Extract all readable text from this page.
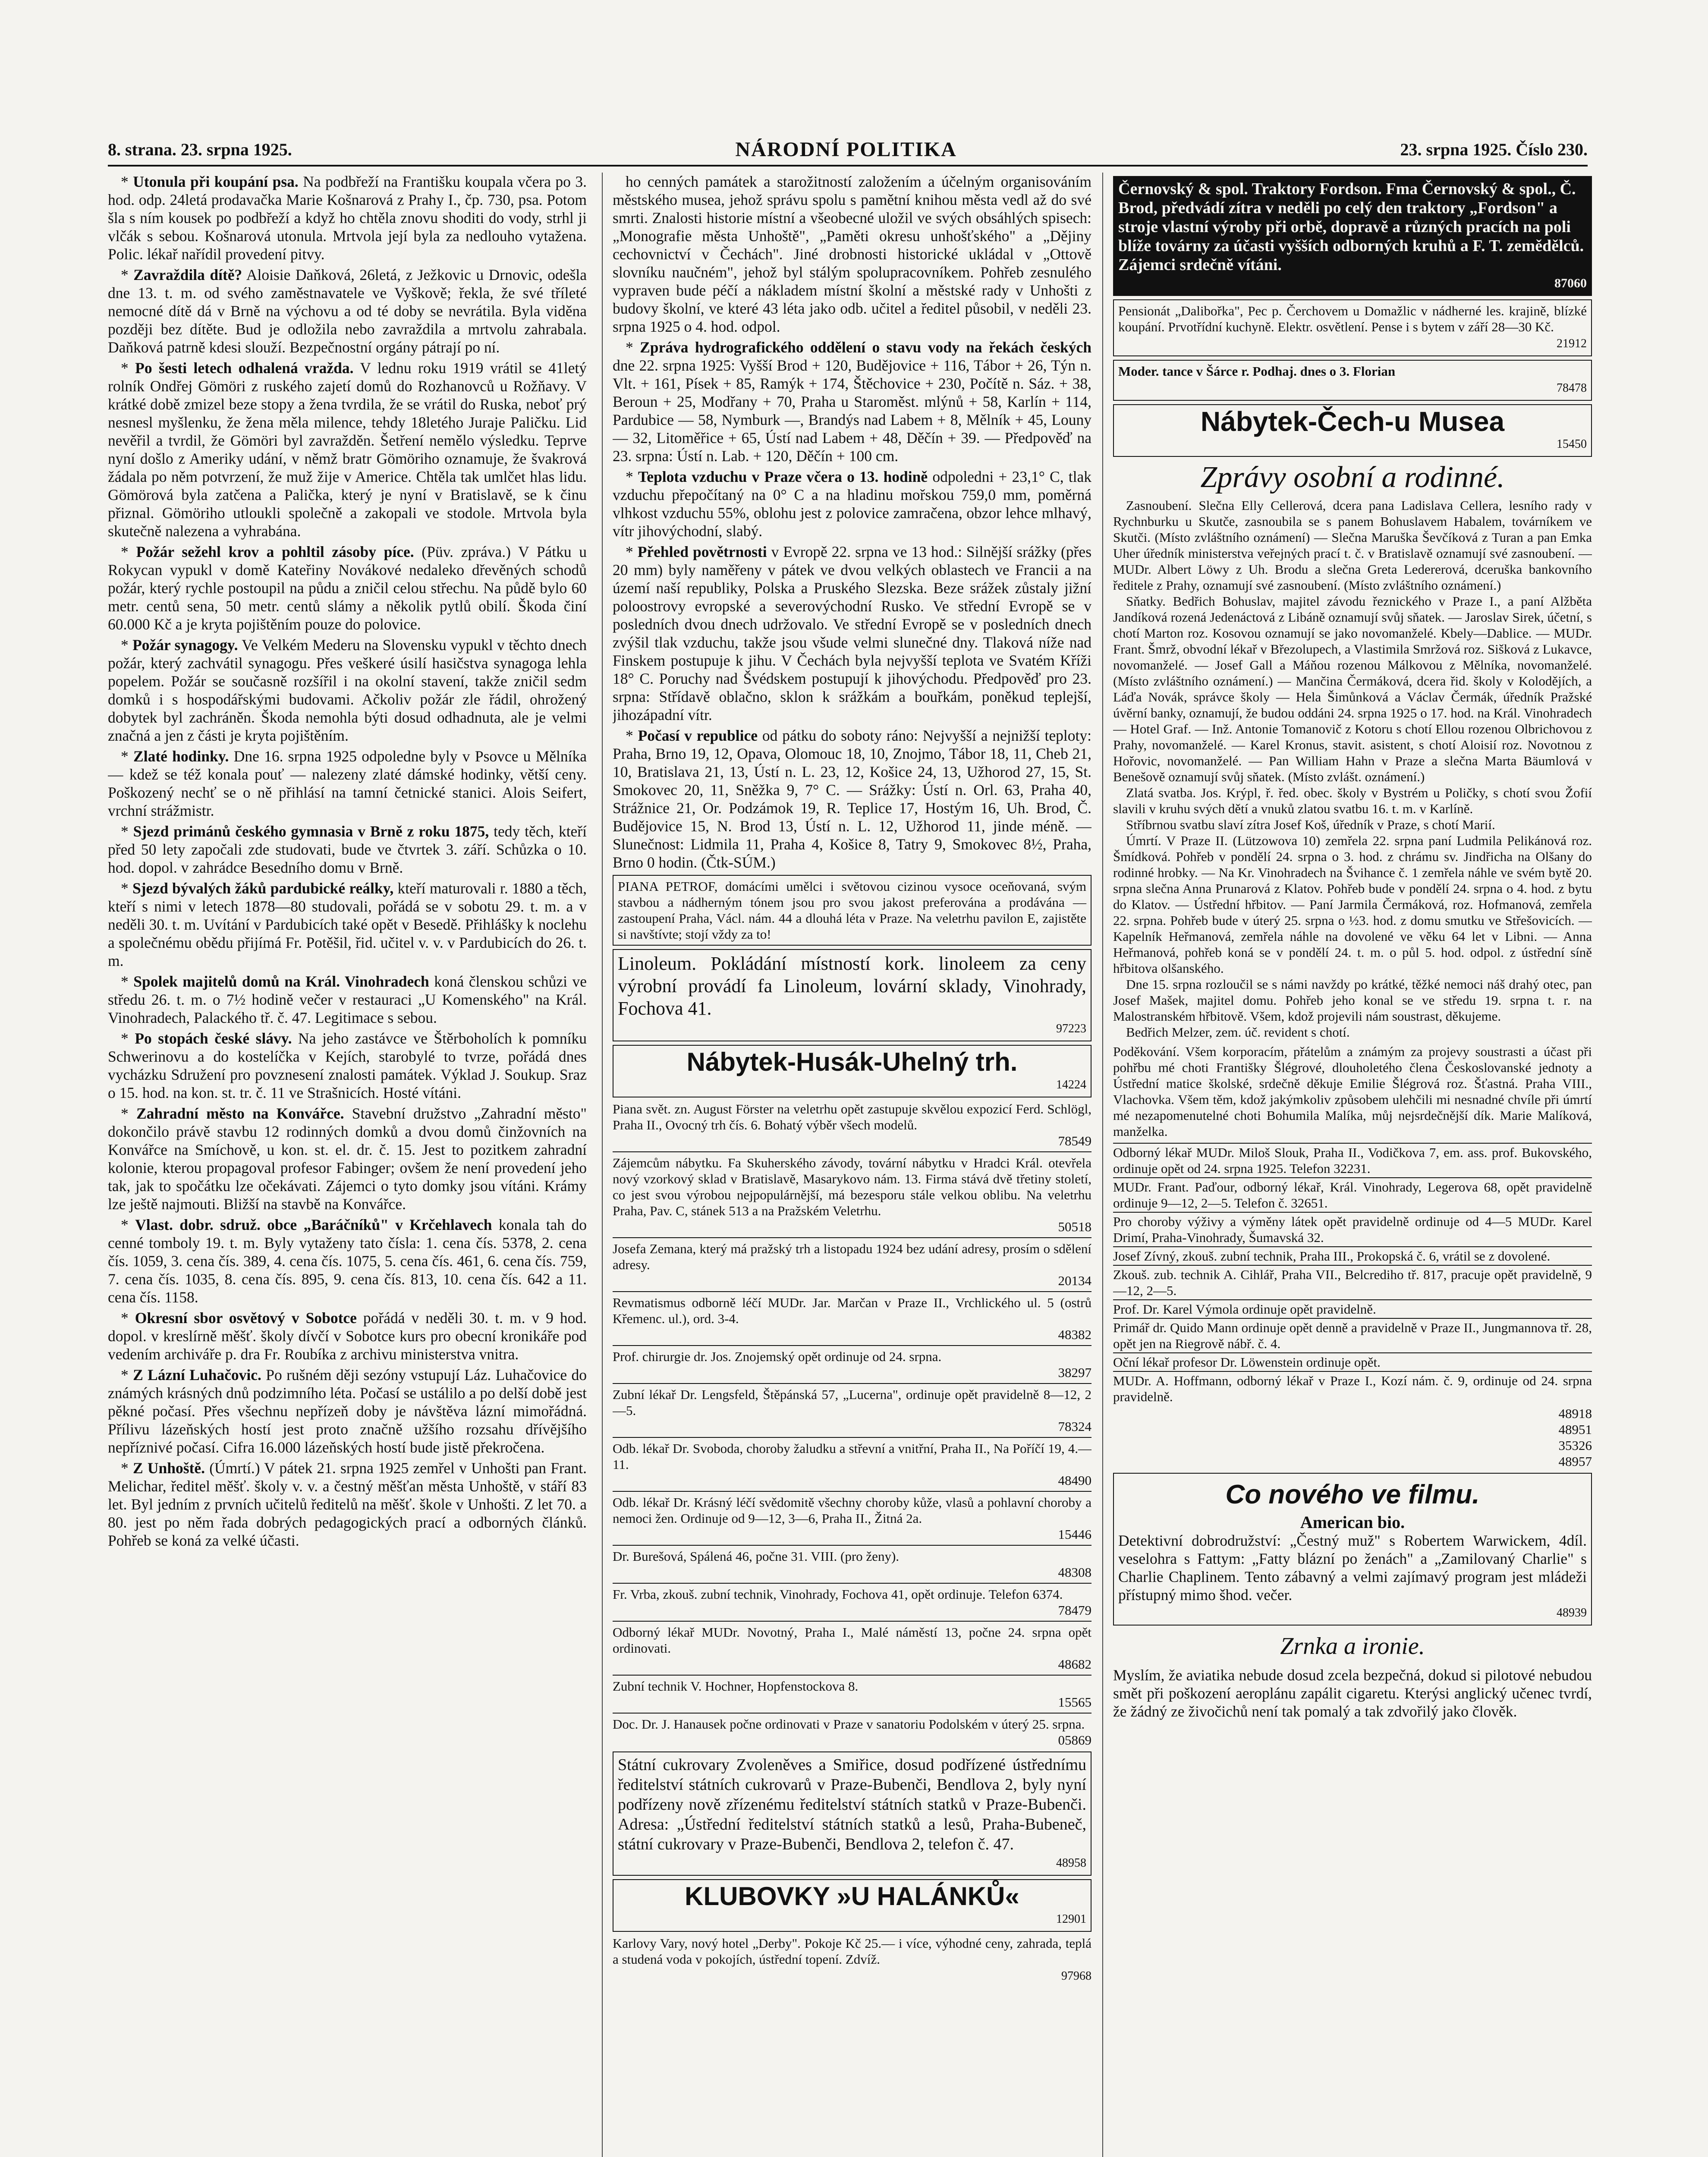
8. strana. 23. srpna 1925.	NÁRODNÍ POLITIKA	23. srpna 1925. Číslo 230.

* Utonula při koupání psa. Na podbřeží na Františku koupala včera po 3. hod. odp. 24letá prodavačka Marie Košnarová z Prahy I., čp. 730, psa. Potom šla s ním kousek po podbřeží a když ho chtěla znovu shoditi do vody, strhl ji vlčák s sebou. Košnarová utonula. Mrtvola její byla za nedlouho vytažena. Polic. lékař nařídil provedení pitvy.

* Zavraždila dítě? Aloisie Daňková, 26letá, z Ježkovic u Drnovic, odešla dne 13. t. m. od svého zaměstnavatele ve Vyškově; řekla, že své tříleté nemocné dítě dá v Brně na výchovu a od té doby se nevrátila. Byla viděna později bez dítěte. Bud je odložila nebo zavraždila a mrtvolu zahrabala. Daňková patrně kdesi slouží. Bezpečnostní orgány pátrají po ní.

* Po šesti letech odhalená vražda. V lednu roku 1919 vrátil se 41letý rolník Ondřej Gömöri z ruského zajetí domů do Rozhanovců u Rožňavy. V krátké době zmizel beze stopy a žena tvrdila, že se vrátil do Ruska, neboť prý nesnesl myšlenku, že žena měla milence, tehdy 18letého Juraje Paličku. Lid nevěřil a tvrdil, že Gömöri byl zavražděn. Šetření nemělo výsledku. Teprve nyní došlo z Ameriky udání, v němž bratr Gömöriho oznamuje, že švakrová žádala po něm potvrzení, že muž žije v Americe. Chtěla tak umlčet hlas lidu. Gömörová byla zatčena a Palička, který je nyní v Bratislavě, se k činu přiznal. Gömöriho utloukli společně a zakopali ve stodole. Mrtvola byla skutečně nalezena a vyhrabána.

* Požár sežehl krov a pohltil zásoby píce. (Püv. zpráva.) V Pátku u Rokycan vypukl v domě Kateřiny Novákové nedaleko dřevěných schodů požár, který rychle postoupil na půdu a zničil celou střechu. Na půdě bylo 60 metr. centů sena, 50 metr. centů slámy a několik pytlů obilí. Škoda činí 60.000 Kč a je kryta pojištěním pouze do polovice.

* Požár synagogy. Ve Velkém Mederu na Slovensku vypukl v těchto dnech požár, který zachvátil synagogu. Přes veškeré úsilí hasičstva synagoga lehla popelem. Požár se současně rozšířil i na okolní stavení, takže zničil sedm domků i s hospodářskými budovami. Ačkoliv požár zle řádil, ohrožený dobytek byl zachráněn. Škoda nemohla býti dosud odhadnuta, ale je velmi značná a jen z části je kryta pojištěním.

* Zlaté hodinky. Dne 16. srpna 1925 odpoledne byly v Psovce u Mělníka — kdež se též konala pouť — nalezeny zlaté dámské hodinky, větší ceny. Poškozený nechť se o ně přihlásí na tamní četnické stanici. Alois Seifert, vrchní strážmistr.

* Sjezd primánů českého gymnasia v Brně z roku 1875, tedy těch, kteří před 50 lety započali zde studovati, bude ve čtvrtek 3. září. Schůzka o 10. hod. dopol. v zahrádce Besedního domu v Brně.

* Sjezd bývalých žáků pardubické reálky, kteří maturovali r. 1880 a těch, kteří s nimi v letech 1878—80 studovali, pořádá se v sobotu 29. t. m. a v neděli 30. t. m. Uvítání v Pardubicích také opět v Besedě. Přihlášky k noclehu a společnému obědu přijímá Fr. Potěšil, řid. učitel v. v. v Pardubicích do 26. t. m.

* Spolek majitelů domů na Král. Vinohradech koná členskou schůzi ve středu 26. t. m. o 7½ hodině večer v restauraci „U Komenského" na Král. Vinohradech, Palackého tř. č. 47. Legitimace s sebou.

* Po stopách české slávy. Na jeho zastávce ve Štěrboholích k pomníku Schwerinovu a do kostelíčka v Kejích, starobylé to tvrze, pořádá dnes vycházku Sdružení pro povznesení znalosti památek. Výklad J. Soukup. Sraz o 15. hod. na kon. st. tr. č. 11 ve Strašnicích. Hosté vítáni.

* Zahradní město na Konvářce. Stavební družstvo „Zahradní město" dokončilo právě stavbu 12 rodinných domků a dvou domů činžovních na Konvářce na Smíchově, u kon. st. el. dr. č. 15. Jest to pozitkem zahradní kolonie, kterou propagoval profesor Fabinger; ovšem že není provedení jeho tak, jak to spočátku lze očekávati. Zájemci o tyto domky jsou vítáni. Krámy lze ještě najmouti. Bližší na stavbě na Konvářce.

* Vlast. dobr. sdruž. obce „Baráčníků" v Krčehlavech konala tah do cenné tomboly 19. t. m. Byly vytaženy tato čísla: 1. cena čís. 5378, 2. cena čís. 1059, 3. cena čís. 389, 4. cena čís. 1075, 5. cena čís. 461, 6. cena čís. 759, 7. cena čís. 1035, 8. cena čís. 895, 9. cena čís. 813, 10. cena čís. 642 a 11. cena čís. 1158.

* Okresní sbor osvětový v Sobotce pořádá v neděli 30. t. m. v 9 hod. dopol. v kreslírně měšť. školy dívčí v Sobotce kurs pro obecní kronikáře pod vedením archiváře p. dra Fr. Roubíka z archivu ministerstva vnitra.

* Z Lázní Luhačovic. Po rušném ději sezóny vstupují Láz. Luhačovice do známých krásných dnů podzimního léta. Počasí se ustálilo a po delší době jest pěkné počasí. Přes všechnu nepřízeň doby je návštěva lázní mimořádná. Přílivu lázeňských hostí jest proto značně užšího rozsahu dřívějšího nepříznivé počasí. Cifra 16.000 lázeňských hostí bude jistě překročena.

* Z Unhoště. (Úmrtí.) V pátek 21. srpna 1925 zemřel v Unhošti pan Frant. Melichar, ředitel měšť. školy v. v. a čestný měšťan města Unhoště, v stáří 83 let. Byl jedním z prvních učitelů ředitelů na měšť. škole v Unhošti. Z let 70. a 80. jest po něm řada dobrých pedagogických prací a odborných článků. Pohřeb se koná za velké účasti.

ho cenných památek a starožitností založením a účelným organisováním městského musea, jehož správu spolu s pamětní knihou města vedl až do své smrti. Znalosti historie místní a všeobecné uložil ve svých obsáhlých spisech: „Monografie města Unhoště", „Paměti okresu unhošťského" a „Dějiny cechovnictví v Čechách". Jiné drobnosti historické ukládal v „Ottově slovníku naučném", jehož byl stálým spolupracovníkem. Pohřeb zesnulého vypraven bude péčí a nákladem místní školní a městské rady v Unhošti z budovy školní, ve které 43 léta jako odb. učitel a ředitel působil, v neděli 23. srpna 1925 o 4. hod. odpol.

* Zpráva hydrografického oddělení o stavu vody na řekách českých dne 22. srpna 1925: Vyšší Brod + 120, Budějovice + 116, Tábor + 26, Týn n. Vlt. + 161, Písek + 85, Ramýk + 174, Štěchovice + 230, Počítě n. Sáz. + 38, Beroun + 25, Modřany + 70, Praha u Staroměst. mlýnů + 58, Karlín + 114, Pardubice — 58, Nymburk —, Brandýs nad Labem + 8, Mělník + 45, Louny — 32, Litoměřice + 65, Ústí nad Labem + 48, Děčín + 39. — Předpověď na 23. srpna: Ústí n. Lab. + 120, Děčín + 100 cm.

* Teplota vzduchu v Praze včera o 13. hodině odpoledni + 23,1° C, tlak vzduchu přepočítaný na 0° C a na hladinu mořskou 759,0 mm, poměrná vlhkost vzduchu 55%, oblohu jest z polovice zamračena, obzor lehce mlhavý, vítr jihovýchodní, slabý.

* Přehled povětrnosti v Evropě 22. srpna ve 13 hod.: Silnější srážky (přes 20 mm) byly naměřeny v pátek ve dvou velkých oblastech ve Francii a na území naší republiky, Polska a Pruského Slezska. Beze srážek zůstaly jižní poloostrovy evropské a severovýchodní Rusko. Ve střední Evropě se v posledních dvou dnech udržovalo. Ve střední Evropě se v posledních dnech zvýšil tlak vzduchu, takže jsou všude velmi slunečné dny. Tlaková níže nad Finskem postupuje k jihu. V Čechách byla nejvyšší teplota ve Svatém Kříži 18° C. Poruchy nad Švédskem postupují k jihovýchodu. Předpověď pro 23. srpna: Střídavě oblačno, sklon k srážkám a bouřkám, poněkud teplejší, jihozápadní vítr.

* Počasí v republice od pátku do soboty ráno: Nejvyšší a nejnižší teploty: Praha, Brno 19, 12, Opava, Olomouc 18, 10, Znojmo, Tábor 18, 11, Cheb 21, 10, Bratislava 21, 13, Ústí n. L. 23, 12, Košice 24, 13, Užhorod 27, 15, St. Smokovec 20, 11, Sněžka 9, 7° C. — Srážky: Ústí n. Orl. 63, Praha 40, Strážnice 21, Or. Podzámok 19, R. Teplice 17, Hostým 16, Uh. Brod, Č. Budějovice 15, N. Brod 13, Ústí n. L. 12, Užhorod 11, jinde méně. — Slunečnost: Lidmila 11, Praha 4, Košice 8, Tatry 9, Smokovec 8½, Praha, Brno 0 hodin. (Čtk-SÚM.)

PIANA PETROF, domácími umělci i světovou cizinou vysoce oceňovaná, svým stavbou a nádherným tónem jsou pro svou jakost preferována a prodávána — zastoupení Praha, Václ. nám. 44 a dlouhá léta v Praze. Na veletrhu pavilon E, zajistěte si navštívte; stojí vždy za to!
Linoleum. Pokládání místností kork. linoleem za ceny výrobní provádí fa Linoleum, lovární sklady, Vinohrady, Fochova 41.
97223
Nábytek-Husák-Uhelný trh.
14224
Piana svět. zn. August Förster na veletrhu opět zastupuje skvělou expozicí Ferd. Schlögl, Praha II., Ovocný trh čís. 6. Bohatý výběr všech modelů.
78549
Zájemcům nábytku. Fa Skuherského závody, tovární nábytku v Hradci Král. otevřela nový vzorkový sklad v Bratislavě, Masarykovo nám. 13. Firma stává dvě třetiny století, co jest svou výrobou nejpopulárnější, má bezesporu stále velkou oblibu. Na veletrhu Praha, Pav. C, stánek 513 a na Pražském Veletrhu.
50518
Josefa Zemana, který má pražský trh a listopadu 1924 bez udání adresy, prosím o sdělení adresy.
20134
Revmatismus odborně léčí MUDr. Jar. Marčan v Praze II., Vrchlického ul. 5 (ostrů Křemenc. ul.), ord. 3-4.
48382
Prof. chirurgie dr. Jos. Znojemský opět ordinuje od 24. srpna.
38297
Zubní lékař Dr. Lengsfeld, Štěpánská 57, „Lucerna", ordinuje opět pravidelně 8—12, 2—5.
78324
Odb. lékař Dr. Svoboda, choroby žaludku a střevní a vnitřní, Praha II., Na Poříčí 19, 4.—11.
48490
Odb. lékař Dr. Krásný léčí svědomitě všechny choroby kůže, vlasů a pohlavní choroby a nemoci žen. Ordinuje od 9—12, 3—6, Praha II., Žitná 2a.
15446
Dr. Burešová, Spálená 46, počne 31. VIII. (pro ženy).
48308
Fr. Vrba, zkouš. zubní technik, Vinohrady, Fochova 41, opět ordinuje. Telefon 6374.
78479
Odborný lékař MUDr. Novotný, Praha I., Malé náměstí 13, počne 24. srpna opět ordinovati.
48682
Zubní technik V. Hochner, Hopfenstockova 8.
15565
Doc. Dr. J. Hanausek počne ordinovati v Praze v sanatoriu Podolském v úterý 25. srpna.
05869
Státní cukrovary Zvoleněves a Smiřice, dosud podřízené ústřednímu ředitelství státních cukrovarů v Praze-Bubenči, Bendlova 2, byly nyní podřízeny nově zřízenému ředitelství státních statků v Praze-Bubenči. Adresa: „Ústřední ředitelství státních statků a lesů, Praha-Bubeneč, státní cukrovary v Praze-Bubenči, Bendlova 2, telefon č. 47.
48958
KLUBOVKY »U HALÁNKŮ«
12901
Karlovy Vary, nový hotel „Derby". Pokoje Kč 25.— i více, výhodné ceny, zahrada, teplá a studená voda v pokojích, ústřední topení. Zdvíž.
97968
Černovský & spol. Traktory Fordson. Fma Černovský & spol., Č. Brod, předvádí zítra v neděli po celý den traktory „Fordson" a stroje vlastní výroby při orbě, dopravě a různých pracích na poli blíže továrny za účasti vyšších odborných kruhů a F. T. zemědělců. Zájemci srdečně vítáni.
87060
Pensionát „Dalibořka", Pec p. Čerchovem u Domažlic v nádherné les. krajině, blízké koupání. Prvotřídní kuchyně. Elektr. osvětlení. Pense i s bytem v září 28—30 Kč.
21912
Moder. tance v Šárce r. Podhaj. dnes o 3. Florian
78478
Nábytek-Čech-u Musea
15450
Zprávy osobní a rodinné.
Zasnoubení. Slečna Elly Cellerová, dcera pana Ladislava Cellera, lesního rady v Rychnburku u Skutče, zasnoubila se s panem Bohuslavem Habalem, továrníkem ve Skutči. (Místo zvláštního oznámení) — Slečna Maruška Ševčíková z Turan a pan Emka Uher úředník ministerstva veřejných prací t. č. v Bratislavě oznamují své zasnoubení. — MUDr. Albert Löwy z Uh. Brodu a slečna Greta Ledererová, dceruška bankovního ředitele z Prahy, oznamují své zasnoubení. (Místo zvláštního oznámení.)
Sňatky. Bedřich Bohuslav, majitel závodu řeznického v Praze I., a paní Alžběta Jandíková rozená Jedenáctová z Libáně oznamují svůj sňatek. — Jaroslav Sirek, účetní, s chotí Marton roz. Kosovou oznamují se jako novomanželé. Kbely—Dablice. — MUDr. Frant. Šmrž, obvodní lékař v Březolupech, a Vlastimila Smržová roz. Sišková z Lukavce, novomanželé. — Josef Gall a Máňou rozenou Málkovou z Mělníka, novomanželé. (Místo zvláštního oznámení.) — Mančina Čermáková, dcera řid. školy v Kolodějích, a Láďa Novák, správce školy — Hela Šimůnková a Václav Čermák, úředník Pražské úvěrní banky, oznamují, že budou oddáni 24. srpna 1925 o 17. hod. na Král. Vinohradech — Hotel Graf. — Inž. Antonie Tomanovič z Kotoru s chotí Ellou rozenou Olbrichovou z Prahy, novomanželé. — Karel Kronus, stavit. asistent, s chotí Aloisií roz. Novotnou z Hořovic, novomanželé. — Pan William Hahn v Praze a slečna Marta Bäumlová v Benešově oznamují svůj sňatek. (Místo zvlášt. oznámení.)
Zlatá svatba. Jos. Krýpl, ř. řed. obec. školy v Bystrém u Poličky, s chotí svou Žofií slavili v kruhu svých dětí a vnuků zlatou svatbu 16. t. m. v Karlíně.
Stříbrnou svatbu slaví zítra Josef Koš, úředník v Praze, s chotí Marií.
Úmrtí. V Praze II. (Lützowova 10) zemřela 22. srpna paní Ludmila Pelikánová roz. Šmídková. Pohřeb v pondělí 24. srpna o 3. hod. z chrámu sv. Jindřicha na Olšany do rodinné hrobky. — Na Kr. Vinohradech na Švihance č. 1 zemřela náhle ve svém bytě 20. srpna slečna Anna Prunarová z Klatov. Pohřeb bude v pondělí 24. srpna o 4. hod. z bytu do Klatov. — Ústřední hřbitov. — Paní Jarmila Čermáková, roz. Hofmanová, zemřela 22. srpna. Pohřeb bude v úterý 25. srpna o ½3. hod. z domu smutku ve Střešovicích. — Kapelník Heřmanová, zemřela náhle na dovolené ve věku 64 let v Libni. — Anna Heřmanová, pohřeb koná se v pondělí 24. t. m. o půl 5. hod. odpol. z ústřední síně hřbitova olšanského.
Dne 15. srpna rozloučil se s námi navždy po krátké, těžké nemoci náš drahý otec, pan Josef Mašek, majitel domu. Pohřeb jeho konal se ve středu 19. srpna t. r. na Malostranském hřbitově. Všem, kdož projevili nám soustrast, děkujeme.
Bedřich Melzer, zem. úč. revident s chotí.
Poděkování. Všem korporacím, přátelům a známým za projevy soustrasti a účast při pohřbu mé choti Františky Šlégrové, dlouholetého člena Českoslovanské jednoty a Ústřední matice školské, srdečně děkuje Emilie Šlégrová roz. Šťastná. Praha VIII., Vlachovka. Všem těm, kdož jakýmkoliv způsobem ulehčili mi nesnadné chvíle při úmrtí mé nezapomenutelné choti Bohumila Malíka, můj nejsrdečnější dík. Marie Malíková, manželka.
Odborný lékař MUDr. Miloš Slouk, Praha II., Vodičkova 7, em. ass. prof. Bukovského, ordinuje opět od 24. srpna 1925. Telefon 32231.
MUDr. Frant. Paďour, odborný lékař, Král. Vinohrady, Legerova 68, opět pravidelně ordinuje 9—12, 2—5. Telefon č. 32651.
Pro choroby výživy a výměny látek opět pravidelně ordinuje od 4—5 MUDr. Karel Drimí, Praha-Vinohrady, Šumavská 32.
Josef Zívný, zkouš. zubní technik, Praha III., Prokopská č. 6, vrátil se z dovolené.
Zkouš. zub. technik A. Cihlář, Praha VII., Belcrediho tř. 817, pracuje opět pravidelně, 9—12, 2—5.
Prof. Dr. Karel Výmola ordinuje opět pravidelně.
Primář dr. Quido Mann ordinuje opět denně a pravidelně v Praze II., Jungmannova tř. 28, opět jen na Riegrově nábř. č. 4.
Oční lékař profesor Dr. Löwenstein ordinuje opět.
MUDr. A. Hoffmann, odborný lékař v Praze I., Kozí nám. č. 9, ordinuje od 24. srpna pravidelně.
48918
48951
35326
48957
Co nového ve filmu.
American bio.
Detektivní dobrodružství: „Čestný muž" s Robertem Warwickem, 4díl. veselohra s Fattym: „Fatty blázní po ženách" a „Zamilovaný Charlie" s Charlie Chaplinem. Tento zábavný a velmi zajímavý program jest mládeži přístupný mimo šhod. večer.
48939
Zrnka a ironie.
Myslím, že aviatika nebude dosud zcela bezpečná, dokud si pilotové nebudou smět při poškození aeroplánu zapálit cigaretu. Kterýsi anglický učenec tvrdí, že žádný ze živočichů není tak pomalý a tak zdvořilý jako člověk.
